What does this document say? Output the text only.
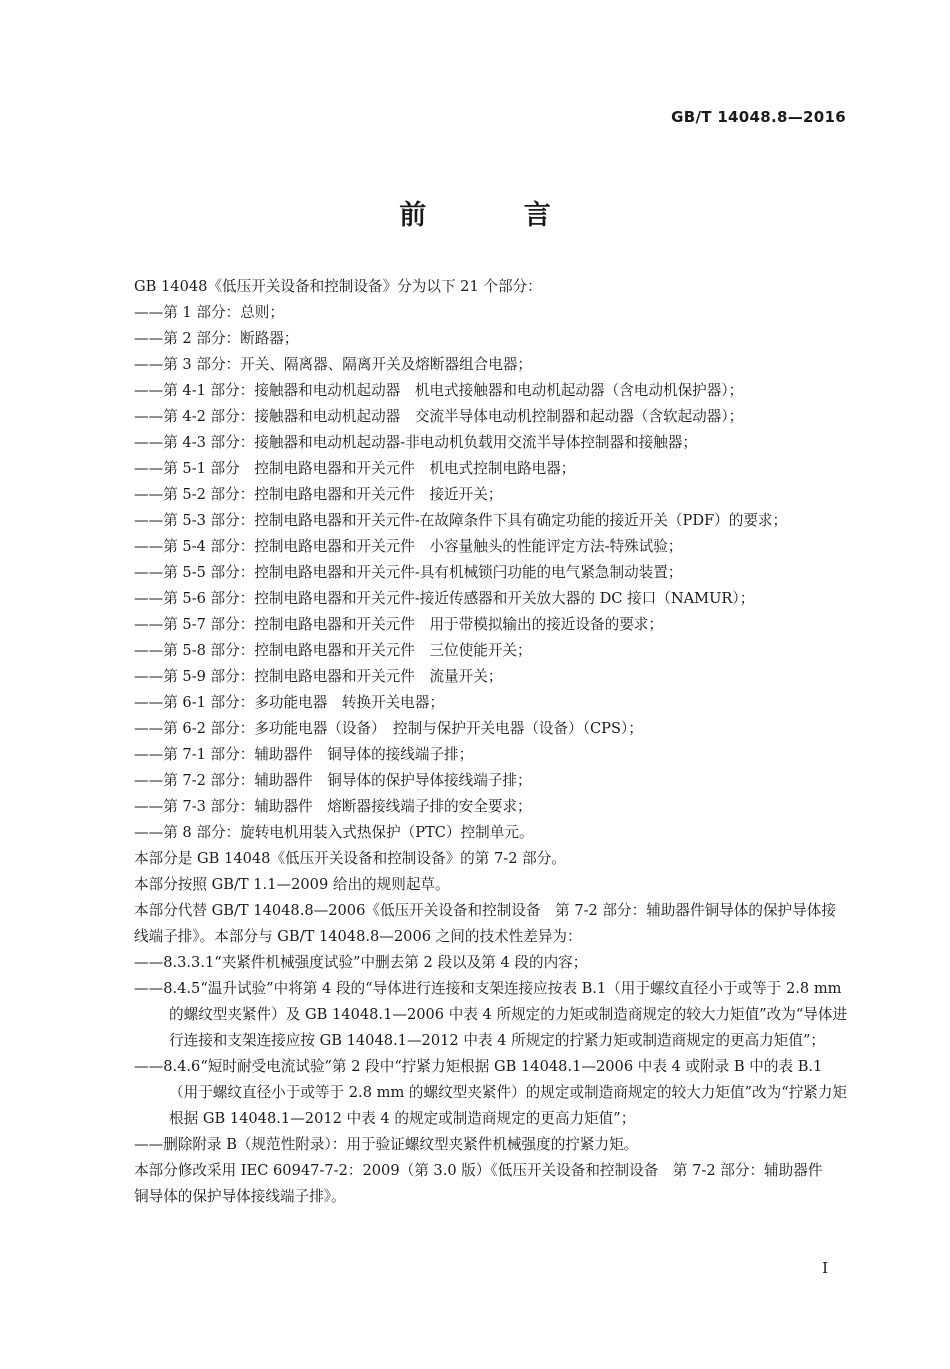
GB/T 14048.8—2016
前 言

GB 14048《低压开关设备和控制设备》分为以下 21 个部分：

——第 1 部分：总则；

——第 2 部分：断路器；

——第 3 部分：开关、隔离器、隔离开关及熔断器组合电器；

——第 4-1 部分：接触器和电动机起动器　机电式接触器和电动机起动器（含电动机保护器）；

——第 4-2 部分：接触器和电动机起动器　交流半导体电动机控制器和起动器（含软起动器）；

——第 4-3 部分：接触器和电动机起动器-非电动机负载用交流半导体控制器和接触器；

——第 5-1 部分　控制电路电器和开关元件　机电式控制电路电器；

——第 5-2 部分：控制电路电器和开关元件　接近开关；

——第 5-3 部分：控制电路电器和开关元件-在故障条件下具有确定功能的接近开关（PDF）的要求；

——第 5-4 部分：控制电路电器和开关元件　小容量触头的性能评定方法-特殊试验；

——第 5-5 部分：控制电路电器和开关元件-具有机械锁闩功能的电气紧急制动装置；

——第 5-6 部分：控制电路电器和开关元件-接近传感器和开关放大器的 DC 接口（NAMUR）；

——第 5-7 部分：控制电路电器和开关元件　用于带模拟输出的接近设备的要求；

——第 5-8 部分：控制电路电器和开关元件　三位使能开关；

——第 5-9 部分：控制电路电器和开关元件　流量开关；

——第 6-1 部分：多功能电器　转换开关电器；

——第 6-2 部分：多功能电器（设备）　控制与保护开关电器（设备）（CPS）；

——第 7-1 部分：辅助器件　铜导体的接线端子排；

——第 7-2 部分：辅助器件　铜导体的保护导体接线端子排；

——第 7-3 部分：辅助器件　熔断器接线端子排的安全要求；

——第 8 部分：旋转电机用装入式热保护（PTC）控制单元。

本部分是 GB 14048《低压开关设备和控制设备》的第 7-2 部分。

本部分按照 GB/T 1.1—2009 给出的规则起草。

本部分代替 GB/T 14048.8—2006《低压开关设备和控制设备　第 7-2 部分：辅助器件铜导体的保护导体接线端子排》。本部分与 GB/T 14048.8—2006 之间的技术性差异为：

——8.3.3.1“夹紧件机械强度试验”中删去第 2 段以及第 4 段的内容；

——8.4.5“温升试验”中将第 4 段的“导体进行连接和支架连接应按表 B.1（用于螺纹直径小于或等于 2.8 mm 的螺纹型夹紧件）及 GB 14048.1—2006 中表 4 所规定的力矩或制造商规定的较大力矩值”改为“导体进行连接和支架连接应按 GB 14048.1—2012 中表 4 所规定的拧紧力矩或制造商规定的更高力矩值”；

——8.4.6“短时耐受电流试验”第 2 段中“拧紧力矩根据 GB 14048.1—2006 中表 4 或附录 B 中的表 B.1（用于螺纹直径小于或等于 2.8 mm 的螺纹型夹紧件）的规定或制造商规定的较大力矩值”改为“拧紧力矩根据 GB 14048.1—2012 中表 4 的规定或制造商规定的更高力矩值”；

——删除附录 B（规范性附录）：用于验证螺纹型夹紧件机械强度的拧紧力矩。

本部分修改采用 IEC 60947-7-2：2009（第 3.0 版）《低压开关设备和控制设备　第 7-2 部分：辅助器件　铜导体的保护导体接线端子排》。

I
